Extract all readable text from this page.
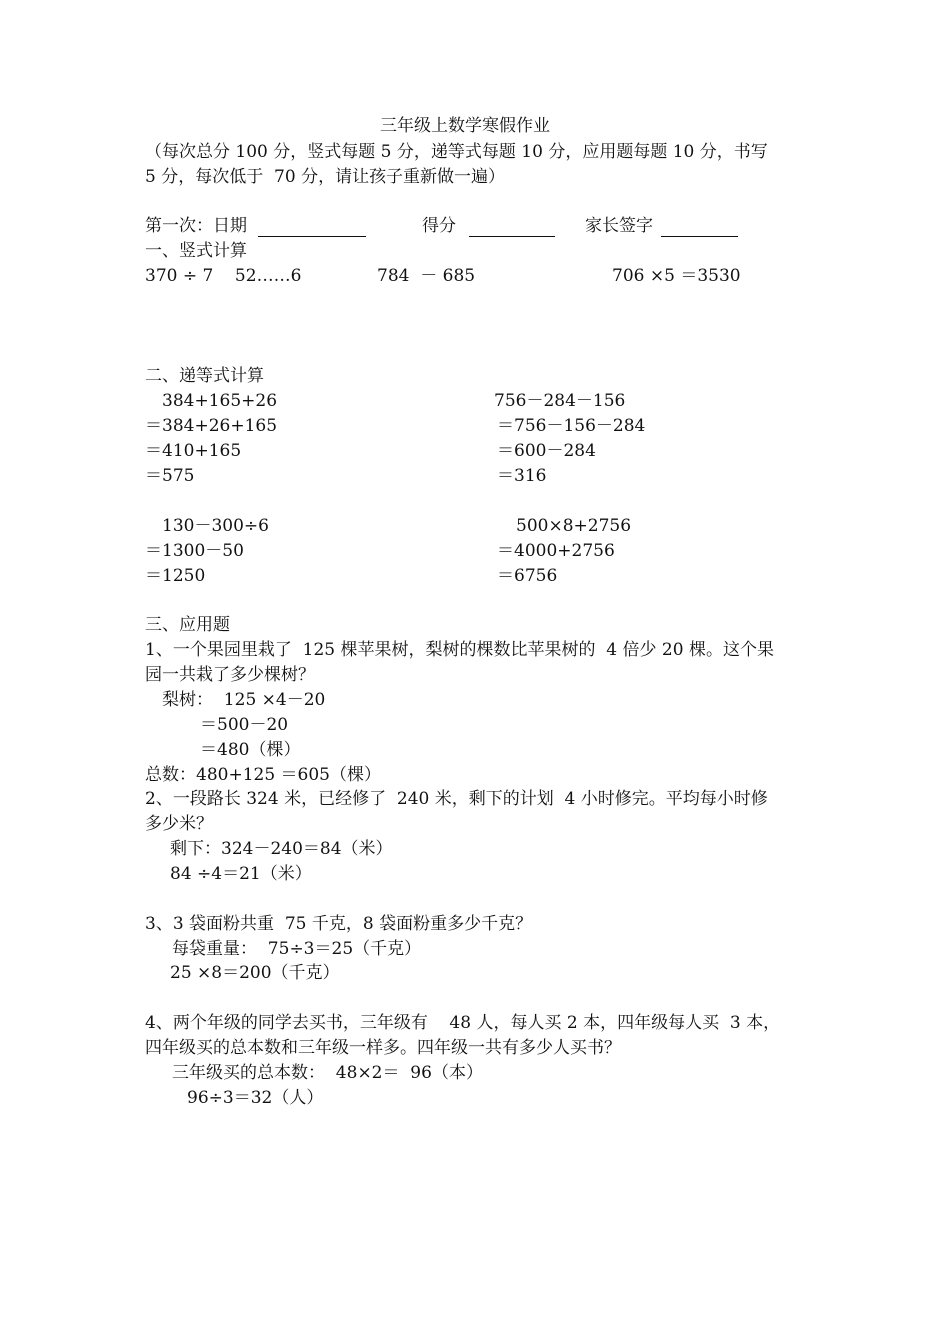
三年级上数学寒假作业
（每次总分 100 分，竖式每题 5 分，递等式每题 10 分，应用题每题 10 分，书写
5 分，每次低于  70 分，请让孩子重新做一遍）
第一次：日期	得分	家长签字
一、竖式计算
370 ÷ 7    52……6	784  － 685	706 ×5 ＝3530
二、递等式计算
384+165+26
＝384+26+165
＝410+165
＝575
756－284－156
＝756－156－284
＝600－284
＝316
130－300÷6
＝1300－50
＝1250
500×8+2756
＝4000+2756
＝6756
三、应用题
1、一个果园里栽了  125 棵苹果树，梨树的棵数比苹果树的  4 倍少 20 棵。这个果
园一共栽了多少棵树？
梨树：  125 ×4－20
＝500－20
＝480（棵）
总数：480+125 ＝605（棵）
2、一段路长 324 米，已经修了  240 米，剩下的计划  4 小时修完。平均每小时修
多少米？
剩下：324－240＝84（米）
84 ÷4＝21（米）
3、3 袋面粉共重  75 千克，8 袋面粉重多少千克？
每袋重量：  75÷3＝25（千克）
25 ×8＝200（千克）
4、两个年级的同学去买书，三年级有    48 人，每人买 2 本，四年级每人买  3 本，
四年级买的总本数和三年级一样多。四年级一共有多少人买书？
三年级买的总本数：  48×2＝  96（本）
96÷3＝32（人）
